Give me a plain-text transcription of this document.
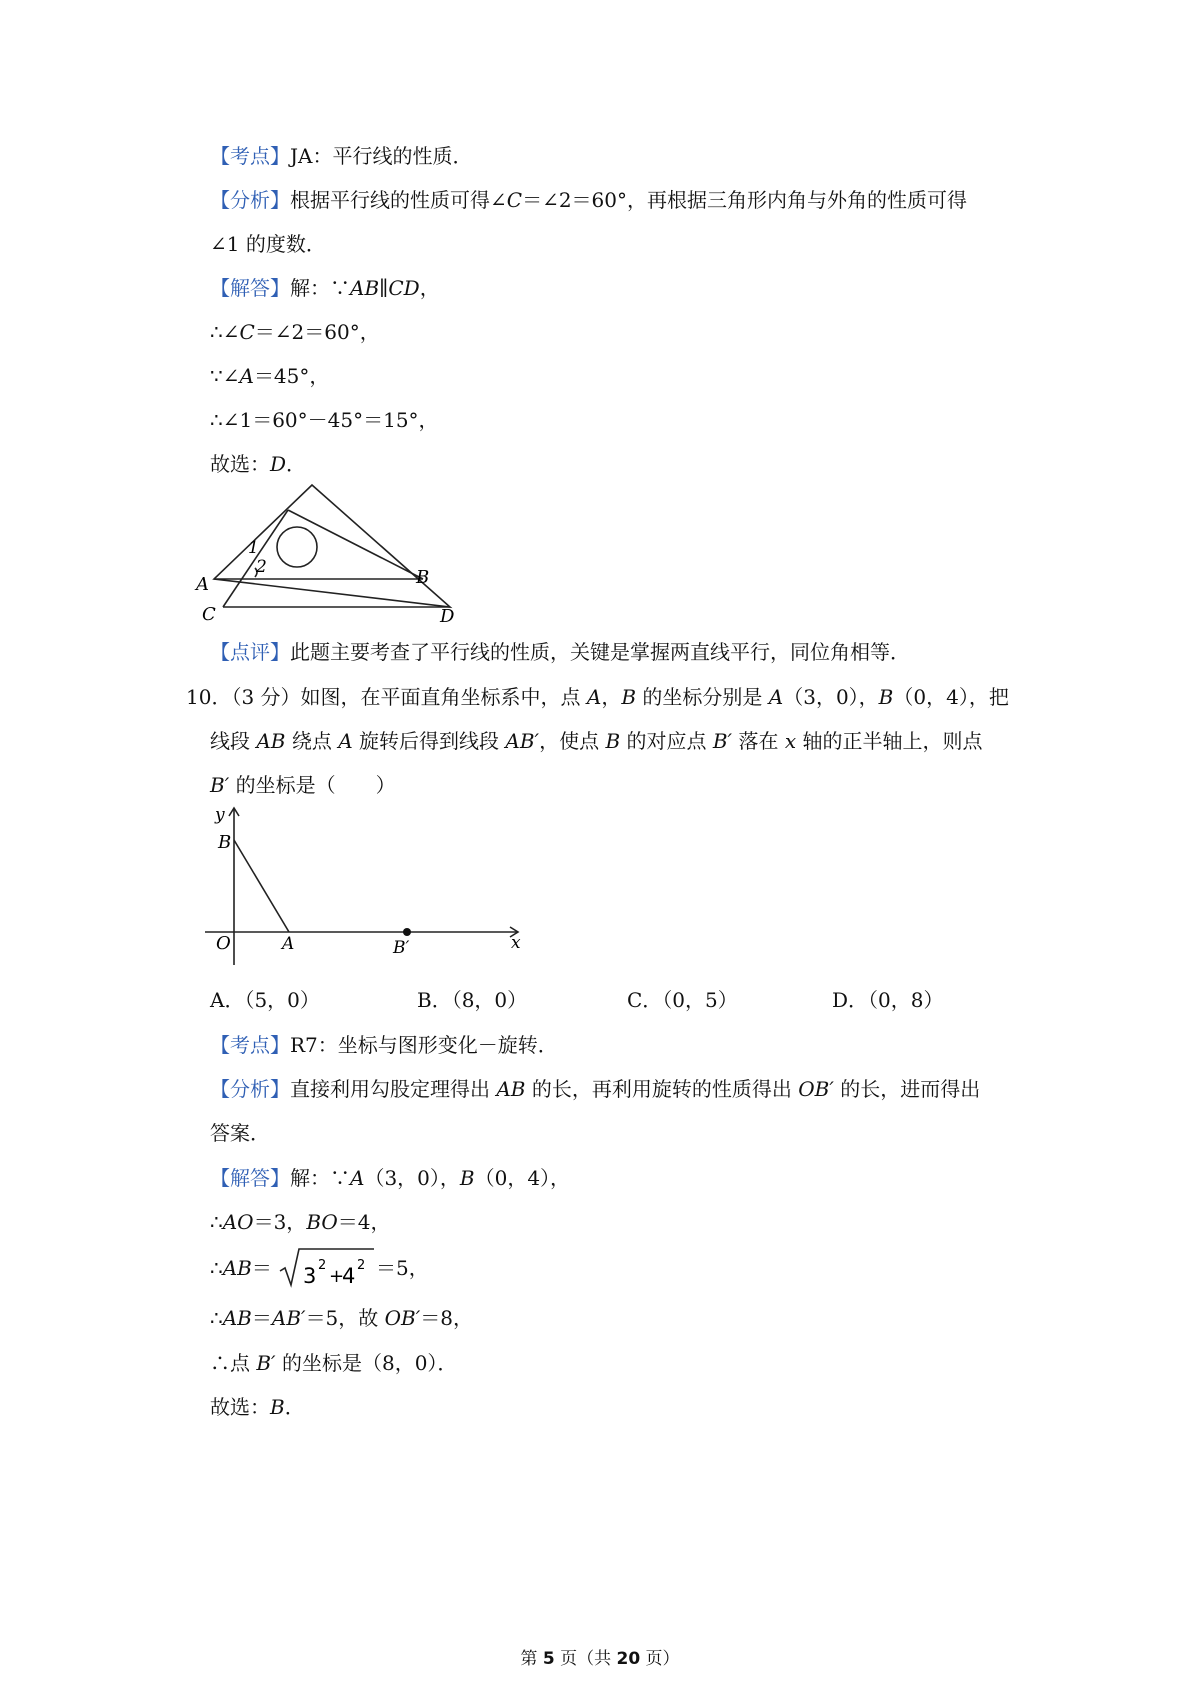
【考点】JA：平行线的性质．
【分析】根据平行线的性质可得∠C＝∠2＝60°，再根据三角形内角与外角的性质可得
∠1 的度数．
【解答】解：∵AB∥CD，
∴∠C＝∠2＝60°，
∵∠A＝45°，
∴∠1＝60°－45°＝15°，
故选：D．
1
2
A	B
C	D
【点评】此题主要考查了平行线的性质，关键是掌握两直线平行，同位角相等．
10．（3 分）如图，在平面直角坐标系中，点 A，B 的坐标分别是 A（3，0），B（0，4），把
线段 AB 绕点 A 旋转后得到线段 AB′，使点 B 的对应点 B′ 落在 x 轴的正半轴上，则点
B′ 的坐标是（　　）
y
B
O	A	B′	x
A．（5，0）	B．（8，0）	C．（0，5）	D．（0，8）
【考点】R7：坐标与图形变化－旋转．
【分析】直接利用勾股定理得出 AB 的长，再利用旋转的性质得出 OB′ 的长，进而得出
答案．
【解答】解：∵A（3，0），B（0，4），
∴AO＝3，BO＝4，
∴AB＝ 3 2
+
4 2 ＝5，
∴AB＝AB′＝5，故 OB′＝8，
∴点 B′ 的坐标是（8，0）．
故选：B．
第 5 页（共 20 页）
